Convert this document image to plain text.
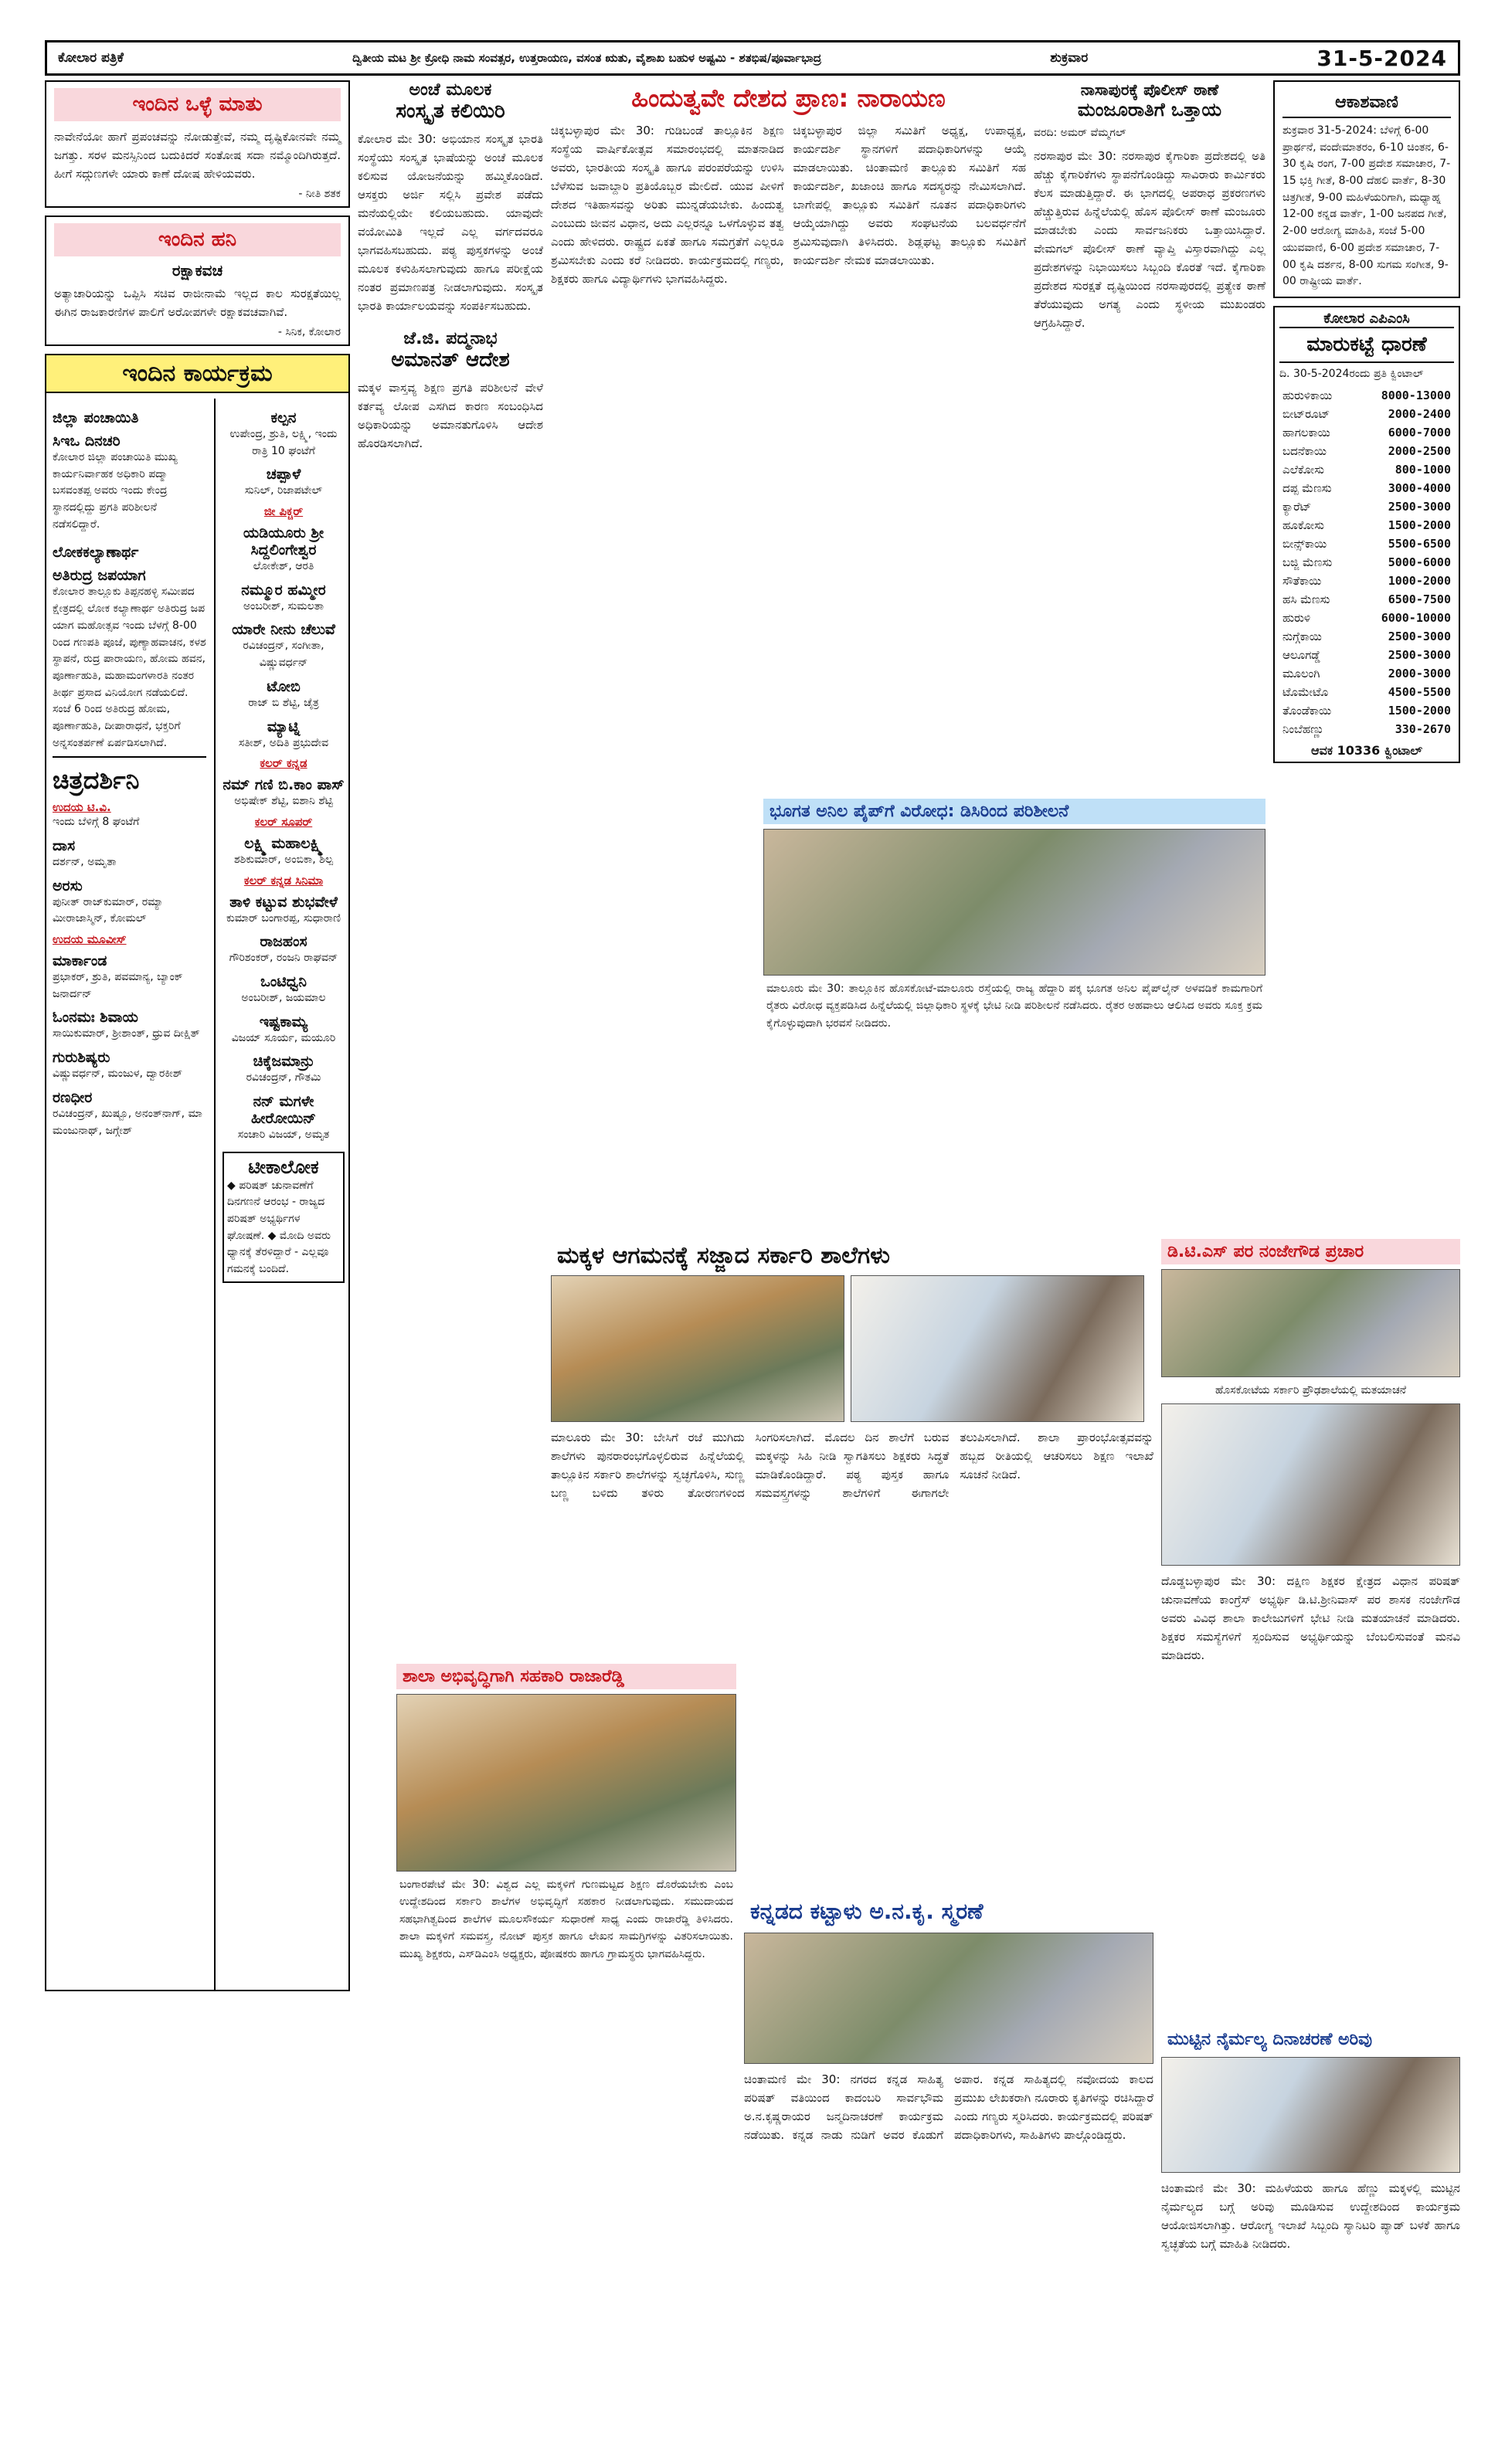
ಕೋಲಾರ ಪತ್ರಿಕೆ	ದ್ವಿತೀಯ ಮಟ ಶ್ರೀ ಕ್ರೋಧಿ ನಾಮ ಸಂವತ್ಸರ, ಉತ್ತರಾಯಣ, ವಸಂತ ಋತು, ವೈಶಾಖ ಬಹುಳ ಅಷ್ಟಮಿ - ಶತಭಿಷ/ಪೂರ್ವಾಭಾದ್ರ	ಶುಕ್ರವಾರ	31-5-2024
ಇಂದಿನ ಒಳ್ಳೆ ಮಾತು
ನಾವೇನೆಯೋ ಹಾಗೆ ಪ್ರಪಂಚವನ್ನು ನೋಡುತ್ತೇವೆ, ನಮ್ಮ ದೃಷ್ಟಿಕೋನವೇ ನಮ್ಮ ಜಗತ್ತು. ಸರಳ ಮನಸ್ಸಿನಿಂದ ಬದುಕಿದರೆ ಸಂತೋಷ ಸದಾ ನಮ್ಮೊಂದಿಗಿರುತ್ತದೆ. ಹೀಗೆ ಸದ್ಗುಣಗಳೇ ಯಾರು ಕಾಣೆ ದೋಷ ಹೇಳಿಯವರು.
- ನೀತಿ ಶತಕ
ಇಂದಿನ ಹನಿ
ರಕ್ಷಾಕವಚ
ಅತ್ಯಾಚಾರಿಯನ್ನು ಒಪ್ಪಿಸಿ ಸಚಿವ ರಾಜೀನಾಮೆ ಇಲ್ಲದ ಕಾಲ ಸುರಕ್ಷತೆಯಿಲ್ಲ ಈಗಿನ ರಾಜಕಾರಣಿಗಳ ಪಾಲಿಗೆ ಅರೋಪಗಳೇ ರಕ್ಷಾಕವಚವಾಗಿವೆ.
- ಸಿನಿಕ, ಕೋಲಾರ
ಇಂದಿನ ಕಾರ್ಯಕ್ರಮ
ಜಿಲ್ಲಾ ಪಂಚಾಯಿತಿ
ಸಿಇಒ ದಿನಚರಿ
ಕೋಲಾರ ಜಿಲ್ಲಾ ಪಂಚಾಯಿತಿ ಮುಖ್ಯ ಕಾರ್ಯನಿರ್ವಾಹಕ ಅಧಿಕಾರಿ ಪದ್ಮಾ ಬಸವಂತಪ್ಪ ಅವರು ಇಂದು ಕೇಂದ್ರ ಸ್ಥಾನದಲ್ಲಿದ್ದು ಪ್ರಗತಿ ಪರಿಶೀಲನೆ ನಡೆಸಲಿದ್ದಾರೆ.
ಲೋಕಕಲ್ಯಾಣಾರ್ಥ
ಅತಿರುದ್ರ ಜಪಯಾಗ
ಕೋಲಾರ ತಾಲ್ಲೂಕು ತಿಪ್ಪನಹಳ್ಳಿ ಸಮೀಪದ ಕ್ಷೇತ್ರದಲ್ಲಿ ಲೋಕ ಕಲ್ಯಾಣಾರ್ಥ ಅತಿರುದ್ರ ಜಪ ಯಾಗ ಮಹೋತ್ಸವ ಇಂದು ಬೆಳಗ್ಗೆ 8-00 ರಿಂದ ಗಣಪತಿ ಪೂಜೆ, ಪುಣ್ಯಾಹವಾಚನ, ಕಳಶ ಸ್ಥಾಪನೆ, ರುದ್ರ ಪಾರಾಯಣ, ಹೋಮ ಹವನ, ಪೂರ್ಣಾಹುತಿ, ಮಹಾಮಂಗಳಾರತಿ ನಂತರ ತೀರ್ಥ ಪ್ರಸಾದ ವಿನಿಯೋಗ ನಡೆಯಲಿದೆ. ಸಂಜೆ 6 ರಿಂದ ಅತಿರುದ್ರ ಹೋಮ, ಪೂರ್ಣಾಹುತಿ, ದೀಪಾರಾಧನೆ, ಭಕ್ತರಿಗೆ ಅನ್ನಸಂತರ್ಪಣೆ ಏರ್ಪಡಿಸಲಾಗಿದೆ.
ಚಿತ್ರದರ್ಶಿನಿ
ಉದಯ ಟಿ.ವಿ.
ಇಂದು ಬೆಳಿಗ್ಗೆ 8 ಘಂಟೆಗೆ
ದಾಸ
ದರ್ಶನ್, ಅಮೃತಾ
ಅರಸು
ಪುನೀತ್ ರಾಜ್‌ಕುಮಾರ್, ರಮ್ಯಾ ಮೀರಾಜಾಸ್ಮಿನ್, ಕೋಮಲ್
ಉದಯ ಮೂವೀಸ್
ಮಾರ್ಕಾಂಡ
ಪ್ರಭಾಕರ್, ಶ್ರುತಿ, ಪವಮಾನ್ಯ, ಬ್ಯಾಂಕ್ ಜನಾರ್ದನ್
ಓಂನಮಃ ಶಿವಾಯ
ಸಾಯಿಕುಮಾರ್, ಶ್ರೀಶಾಂತ್, ಧ್ರುವ ದೀಕ್ಷಿತ್
ಗುರುಶಿಷ್ಯರು
ವಿಷ್ಣುವರ್ಧನ್, ಮಂಜುಳ, ದ್ವಾರಕೀಶ್
ರಣಧೀರ
ರವಿಚಂದ್ರನ್, ಖುಷ್ಬೂ, ಅನಂತ್‌ನಾಗ್, ಮಾ ಮಂಜುನಾಥ್, ಜಗ್ಗೇಶ್
ಕಲ್ಪನ
ಉಪೇಂದ್ರ, ಶ್ರುತಿ, ಲಕ್ಷ್ಮಿ, ಇಂದು ರಾತ್ರಿ 10 ಘಂಟೆಗೆ
ಚಪ್ಪಾಳೆ
ಸುನಿಲ್, ರಿಜಾಪಟೇಲ್
ಜೀ ಪಿಕ್ಚರ್
ಯಡಿಯೂರು ಶ್ರೀ ಸಿದ್ದಲಿಂಗೇಶ್ವರ
ಲೋಕೇಶ್, ಆರತಿ
ನಮ್ಮೂರ ಹಮ್ಮೀರ
ಅಂಬರೀಶ್, ಸುಮಲತಾ
ಯಾರೇ ನೀನು ಚೆಲುವೆ
ರವಿಚಂದ್ರನ್, ಸಂಗೀತಾ, ವಿಷ್ಣುವರ್ಧನ್
ಟೋಬಿ
ರಾಜ್ ಬಿ ಶೆಟ್ಟಿ, ಚೈತ್ರ
ಮ್ಯಾಟ್ನಿ
ಸತೀಶ್, ಅದಿತಿ ಪ್ರಭುದೇವ
ಕಲರ್ ಕನ್ನಡ
ನಮ್ ಗಣಿ ಬಿ.ಕಾಂ ಪಾಸ್
ಅಭಿಷೇಕ್ ಶೆಟ್ಟಿ, ಐಶಾನಿ ಶೆಟ್ಟಿ
ಕಲರ್ ಸೂಪರ್
ಲಕ್ಷ್ಮಿ ಮಹಾಲಕ್ಷ್ಮಿ
ಶಶಿಕುಮಾರ್, ಅಂಬಿಕಾ, ಶಿಲ್ಪ
ಕಲರ್ ಕನ್ನಡ ಸಿನಿಮಾ
ತಾಳಿ ಕಟ್ಟುವ ಶುಭವೇಳೆ
ಕುಮಾರ್ ಬಂಗಾರಪ್ಪ, ಸುಧಾರಾಣಿ
ರಾಜಹಂಸ
ಗೌರಿಶಂಕರ್, ರಂಜನಿ ರಾಘವನ್
ಒಂಟಿಧ್ವನಿ
ಅಂಬರೀಶ್, ಜಯಮಾಲ
ಇಷ್ಟಕಾಮ್ಯ
ವಿಜಯ್ ಸೂರ್ಯ, ಮಯೂರಿ
ಚಿಕ್ಕೆಜಮಾನ್ರು
ರವಿಚಂದ್ರನ್, ಗೌತಮಿ
ನನ್ ಮಗಳೇ ಹೀರೋಯಿನ್
ಸಂಚಾರಿ ವಿಜಯ್, ಅಮೃತ
ಟೀಕಾಲೋಕ
◆ ಪರಿಷತ್ ಚುನಾವಣೆಗೆ ದಿನಗಣನೆ ಆರಂಭ - ರಾಜ್ಯದ ಪರಿಷತ್ ಅಭ್ಯರ್ಥಿಗಳ ಘೋಷಣೆ. ◆ ಮೋದಿ ಅವರು ಧ್ಯಾನಕ್ಕೆ ತೆರಳಿದ್ದಾರೆ - ಎಲ್ಲವೂ ಗಮನಕ್ಕೆ ಬಂದಿದೆ.
ಅಂಚೆ ಮೂಲಕ
ಸಂಸ್ಕೃತ ಕಲಿಯಿರಿ
ಕೋಲಾರ ಮೇ 30: ಅಭಿಯಾನ ಸಂಸ್ಕೃತ ಭಾರತಿ ಸಂಸ್ಥೆಯು ಸಂಸ್ಕೃತ ಭಾಷೆಯನ್ನು ಅಂಚೆ ಮೂಲಕ ಕಲಿಸುವ ಯೋಜನೆಯನ್ನು ಹಮ್ಮಿಕೊಂಡಿದೆ. ಆಸಕ್ತರು ಅರ್ಜಿ ಸಲ್ಲಿಸಿ ಪ್ರವೇಶ ಪಡೆದು ಮನೆಯಲ್ಲಿಯೇ ಕಲಿಯಬಹುದು. ಯಾವುದೇ ವಯೋಮಿತಿ ಇಲ್ಲದೆ ಎಲ್ಲ ವರ್ಗದವರೂ ಭಾಗವಹಿಸಬಹುದು. ಪಠ್ಯ ಪುಸ್ತಕಗಳನ್ನು ಅಂಚೆ ಮೂಲಕ ಕಳುಹಿಸಲಾಗುವುದು ಹಾಗೂ ಪರೀಕ್ಷೆಯ ನಂತರ ಪ್ರಮಾಣಪತ್ರ ನೀಡಲಾಗುವುದು. ಸಂಸ್ಕೃತ ಭಾರತಿ ಕಾರ್ಯಾಲಯವನ್ನು ಸಂಪರ್ಕಿಸಬಹುದು.
ಜೆ.ಜಿ. ಪದ್ಮನಾಭ
ಅಮಾನತ್ ಆದೇಶ
ಮಕ್ಕಳ ವಾಸ್ತವ್ಯ ಶಿಕ್ಷಣ ಪ್ರಗತಿ ಪರಿಶೀಲನೆ ವೇಳೆ ಕರ್ತವ್ಯ ಲೋಪ ಎಸಗಿದ ಕಾರಣ ಸಂಬಂಧಿಸಿದ ಅಧಿಕಾರಿಯನ್ನು ಅಮಾನತುಗೊಳಿಸಿ ಆದೇಶ ಹೊರಡಿಸಲಾಗಿದೆ.
ಹಿಂದುತ್ವವೇ ದೇಶದ ಪ್ರಾಣ: ನಾರಾಯಣ
ಚಿಕ್ಕಬಳ್ಳಾಪುರ ಮೇ 30: ಗುಡಿಬಂಡೆ ತಾಲ್ಲೂಕಿನ ಶಿಕ್ಷಣ ಸಂಸ್ಥೆಯ ವಾರ್ಷಿಕೋತ್ಸವ ಸಮಾರಂಭದಲ್ಲಿ ಮಾತನಾಡಿದ ಅವರು, ಭಾರತೀಯ ಸಂಸ್ಕೃತಿ ಹಾಗೂ ಪರಂಪರೆಯನ್ನು ಉಳಿಸಿ ಬೆಳೆಸುವ ಜವಾಬ್ದಾರಿ ಪ್ರತಿಯೊಬ್ಬರ ಮೇಲಿದೆ. ಯುವ ಪೀಳಿಗೆ ದೇಶದ ಇತಿಹಾಸವನ್ನು ಅರಿತು ಮುನ್ನಡೆಯಬೇಕು. ಹಿಂದುತ್ವ ಎಂಬುದು ಜೀವನ ವಿಧಾನ, ಅದು ಎಲ್ಲರನ್ನೂ ಒಳಗೊಳ್ಳುವ ತತ್ವ ಎಂದು ಹೇಳಿದರು. ರಾಷ್ಟ್ರದ ಏಕತೆ ಹಾಗೂ ಸಮಗ್ರತೆಗೆ ಎಲ್ಲರೂ ಶ್ರಮಿಸಬೇಕು ಎಂದು ಕರೆ ನೀಡಿದರು. ಕಾರ್ಯಕ್ರಮದಲ್ಲಿ ಗಣ್ಯರು, ಶಿಕ್ಷಕರು ಹಾಗೂ ವಿದ್ಯಾರ್ಥಿಗಳು ಭಾಗವಹಿಸಿದ್ದರು.
ಚಿಕ್ಕಬಳ್ಳಾಪುರ ಜಿಲ್ಲಾ ಸಮಿತಿಗೆ ಅಧ್ಯಕ್ಷ, ಉಪಾಧ್ಯಕ್ಷ, ಕಾರ್ಯದರ್ಶಿ ಸ್ಥಾನಗಳಿಗೆ ಪದಾಧಿಕಾರಿಗಳನ್ನು ಆಯ್ಕೆ ಮಾಡಲಾಯಿತು. ಚಿಂತಾಮಣಿ ತಾಲ್ಲೂಕು ಸಮಿತಿಗೆ ಸಹ ಕಾರ್ಯದರ್ಶಿ, ಖಜಾಂಚಿ ಹಾಗೂ ಸದಸ್ಯರನ್ನು ನೇಮಿಸಲಾಗಿದೆ. ಬಾಗೇಪಲ್ಲಿ ತಾಲ್ಲೂಕು ಸಮಿತಿಗೆ ನೂತನ ಪದಾಧಿಕಾರಿಗಳು ಆಯ್ಕೆಯಾಗಿದ್ದು ಅವರು ಸಂಘಟನೆಯ ಬಲವರ್ಧನೆಗೆ ಶ್ರಮಿಸುವುದಾಗಿ ತಿಳಿಸಿದರು. ಶಿಡ್ಲಘಟ್ಟ ತಾಲ್ಲೂಕು ಸಮಿತಿಗೆ ಕಾರ್ಯದರ್ಶಿ ನೇಮಕ ಮಾಡಲಾಯಿತು.
ನಾಸಾಪುರಕ್ಕೆ ಪೊಲೀಸ್ ಠಾಣೆ
ಮಂಜೂರಾತಿಗೆ ಒತ್ತಾಯ
ವರದಿ: ಅಮರ್ ವೆಮ್ಮಗಲ್
ನರಸಾಪುರ ಮೇ 30: ನರಸಾಪುರ ಕೈಗಾರಿಕಾ ಪ್ರದೇಶದಲ್ಲಿ ಅತಿ ಹೆಚ್ಚು ಕೈಗಾರಿಕೆಗಳು ಸ್ಥಾಪನೆಗೊಂಡಿದ್ದು ಸಾವಿರಾರು ಕಾರ್ಮಿಕರು ಕೆಲಸ ಮಾಡುತ್ತಿದ್ದಾರೆ. ಈ ಭಾಗದಲ್ಲಿ ಅಪರಾಧ ಪ್ರಕರಣಗಳು ಹೆಚ್ಚುತ್ತಿರುವ ಹಿನ್ನೆಲೆಯಲ್ಲಿ ಹೊಸ ಪೊಲೀಸ್ ಠಾಣೆ ಮಂಜೂರು ಮಾಡಬೇಕು ಎಂದು ಸಾರ್ವಜನಿಕರು ಒತ್ತಾಯಿಸಿದ್ದಾರೆ. ವೇಮಗಲ್ ಪೊಲೀಸ್ ಠಾಣೆ ವ್ಯಾಪ್ತಿ ವಿಸ್ತಾರವಾಗಿದ್ದು ಎಲ್ಲ ಪ್ರದೇಶಗಳನ್ನು ನಿಭಾಯಿಸಲು ಸಿಬ್ಬಂದಿ ಕೊರತೆ ಇದೆ. ಕೈಗಾರಿಕಾ ಪ್ರದೇಶದ ಸುರಕ್ಷತೆ ದೃಷ್ಟಿಯಿಂದ ನರಸಾಪುರದಲ್ಲಿ ಪ್ರತ್ಯೇಕ ಠಾಣೆ ತೆರೆಯುವುದು ಅಗತ್ಯ ಎಂದು ಸ್ಥಳೀಯ ಮುಖಂಡರು ಆಗ್ರಹಿಸಿದ್ದಾರೆ.
ಆಕಾಶವಾಣಿ
ಶುಕ್ರವಾರ 31-5-2024: ಬೆಳಿಗ್ಗೆ 6-00 ಪ್ರಾರ್ಥನೆ, ವಂದೇಮಾತರಂ, 6-10 ಚಿಂತನ, 6-30 ಕೃಷಿ ರಂಗ, 7-00 ಪ್ರದೇಶ ಸಮಾಚಾರ, 7-15 ಭಕ್ತಿ ಗೀತೆ, 8-00 ದೆಹಲಿ ವಾರ್ತೆ, 8-30 ಚಿತ್ರಗೀತೆ, 9-00 ಮಹಿಳೆಯರಿಗಾಗಿ, ಮಧ್ಯಾಹ್ನ 12-00 ಕನ್ನಡ ವಾರ್ತೆ, 1-00 ಜನಪದ ಗೀತೆ, 2-00 ಆರೋಗ್ಯ ಮಾಹಿತಿ, ಸಂಜೆ 5-00 ಯುವವಾಣಿ, 6-00 ಪ್ರದೇಶ ಸಮಾಚಾರ, 7-00 ಕೃಷಿ ದರ್ಶನ, 8-00 ಸುಗಮ ಸಂಗೀತ, 9-00 ರಾಷ್ಟ್ರೀಯ ವಾರ್ತೆ.
ಕೋಲಾರ ಎಪಿಎಂಸಿ
ಮಾರುಕಟ್ಟೆ ಧಾರಣೆ
ದಿ. 30-5-2024ರಂದು ಪ್ರತಿ ಕ್ವಿಂಟಾಲ್
ಹುರುಳಿಕಾಯಿ	8000-13000
ಬೀಟ್‌ರೂಟ್	2000-2400
ಹಾಗಲಕಾಯಿ	6000-7000
ಬದನೆಕಾಯಿ	2000-2500
ಎಲೆಕೋಸು	800-1000
ದಪ್ಪ ಮೆಣಸು	3000-4000
ಕ್ಯಾರೆಟ್	2500-3000
ಹೂಕೋಸು	1500-2000
ಬೀನ್ಸ್‌ಕಾಯಿ	5500-6500
ಬಜ್ಜಿ ಮೆಣಸು	5000-6000
ಸೌತೆಕಾಯಿ	1000-2000
ಹಸಿ ಮೆಣಸು	6500-7500
ಹುರುಳಿ	6000-10000
ನುಗ್ಗೆಕಾಯಿ	2500-3000
ಆಲೂಗಡ್ಡೆ	2500-3000
ಮೂಲಂಗಿ	2000-3000
ಟೊಮೇಟೊ	4500-5500
ತೊಂಡೆಕಾಯಿ	1500-2000
ನಿಂಬೆಹಣ್ಣು	330-2670
ಆವಕ 10336 ಕ್ವಿಂಟಾಲ್
ಭೂಗತ ಅನಿಲ ಪೈಪ್‌ಗೆ ವಿರೋಧ: ಡಿಸಿರಿಂದ ಪರಿಶೀಲನೆ
ಮಾಲೂರು ಮೇ 30: ತಾಲ್ಲೂಕಿನ ಹೊಸಕೋಟೆ-ಮಾಲೂರು ರಸ್ತೆಯಲ್ಲಿ ರಾಜ್ಯ ಹೆದ್ದಾರಿ ಪಕ್ಕ ಭೂಗತ ಅನಿಲ ಪೈಪ್‌ಲೈನ್ ಅಳವಡಿಕೆ ಕಾಮಗಾರಿಗೆ ರೈತರು ವಿರೋಧ ವ್ಯಕ್ತಪಡಿಸಿದ ಹಿನ್ನೆಲೆಯಲ್ಲಿ ಜಿಲ್ಲಾಧಿಕಾರಿ ಸ್ಥಳಕ್ಕೆ ಭೇಟಿ ನೀಡಿ ಪರಿಶೀಲನೆ ನಡೆಸಿದರು. ರೈತರ ಅಹವಾಲು ಆಲಿಸಿದ ಅವರು ಸೂಕ್ತ ಕ್ರಮ ಕೈಗೊಳ್ಳುವುದಾಗಿ ಭರವಸೆ ನೀಡಿದರು.
ಮಕ್ಕಳ ಆಗಮನಕ್ಕೆ ಸಜ್ಜಾದ ಸರ್ಕಾರಿ ಶಾಲೆಗಳು
ಮಾಲೂರು ಮೇ 30: ಬೇಸಿಗೆ ರಜೆ ಮುಗಿದು ಶಾಲೆಗಳು ಪುನರಾರಂಭಗೊಳ್ಳಲಿರುವ ಹಿನ್ನೆಲೆಯಲ್ಲಿ ತಾಲ್ಲೂಕಿನ ಸರ್ಕಾರಿ ಶಾಲೆಗಳನ್ನು ಸ್ವಚ್ಛಗೊಳಿಸಿ, ಸುಣ್ಣ ಬಣ್ಣ ಬಳಿದು ತಳಿರು ತೋರಣಗಳಿಂದ ಸಿಂಗರಿಸಲಾಗಿದೆ. ಮೊದಲ ದಿನ ಶಾಲೆಗೆ ಬರುವ ಮಕ್ಕಳನ್ನು ಸಿಹಿ ನೀಡಿ ಸ್ವಾಗತಿಸಲು ಶಿಕ್ಷಕರು ಸಿದ್ಧತೆ ಮಾಡಿಕೊಂಡಿದ್ದಾರೆ. ಪಠ್ಯ ಪುಸ್ತಕ ಹಾಗೂ ಸಮವಸ್ತ್ರಗಳನ್ನು ಶಾಲೆಗಳಿಗೆ ಈಗಾಗಲೇ ತಲುಪಿಸಲಾಗಿದೆ. ಶಾಲಾ ಪ್ರಾರಂಭೋತ್ಸವವನ್ನು ಹಬ್ಬದ ರೀತಿಯಲ್ಲಿ ಆಚರಿಸಲು ಶಿಕ್ಷಣ ಇಲಾಖೆ ಸೂಚನೆ ನೀಡಿದೆ.
ಡಿ.ಟಿ.ಎಸ್ ಪರ ನಂಜೇಗೌಡ ಪ್ರಚಾರ
ಹೊಸಕೋಟೆಯ ಸರ್ಕಾರಿ ಪ್ರೌಢಶಾಲೆಯಲ್ಲಿ ಮತಯಾಚನೆ
ದೊಡ್ಡಬಳ್ಳಾಪುರ ಮೇ 30: ದಕ್ಷಿಣ ಶಿಕ್ಷಕರ ಕ್ಷೇತ್ರದ ವಿಧಾನ ಪರಿಷತ್ ಚುನಾವಣೆಯ ಕಾಂಗ್ರೆಸ್ ಅಭ್ಯರ್ಥಿ ಡಿ.ಟಿ.ಶ್ರೀನಿವಾಸ್ ಪರ ಶಾಸಕ ನಂಜೇಗೌಡ ಅವರು ವಿವಿಧ ಶಾಲಾ ಕಾಲೇಜುಗಳಿಗೆ ಭೇಟಿ ನೀಡಿ ಮತಯಾಚನೆ ಮಾಡಿದರು. ಶಿಕ್ಷಕರ ಸಮಸ್ಯೆಗಳಿಗೆ ಸ್ಪಂದಿಸುವ ಅಭ್ಯರ್ಥಿಯನ್ನು ಬೆಂಬಲಿಸುವಂತೆ ಮನವಿ ಮಾಡಿದರು.
ಶಾಲಾ ಅಭಿವೃದ್ಧಿಗಾಗಿ ಸಹಕಾರಿ ರಾಜಾರೆಡ್ಡಿ
ಬಂಗಾರಪೇಟೆ ಮೇ 30: ವಿಶ್ವದ ಎಲ್ಲ ಮಕ್ಕಳಿಗೆ ಗುಣಮಟ್ಟದ ಶಿಕ್ಷಣ ದೊರೆಯಬೇಕು ಎಂಬ ಉದ್ದೇಶದಿಂದ ಸರ್ಕಾರಿ ಶಾಲೆಗಳ ಅಭಿವೃದ್ಧಿಗೆ ಸಹಕಾರ ನೀಡಲಾಗುವುದು. ಸಮುದಾಯದ ಸಹಭಾಗಿತ್ವದಿಂದ ಶಾಲೆಗಳ ಮೂಲಸೌಕರ್ಯ ಸುಧಾರಣೆ ಸಾಧ್ಯ ಎಂದು ರಾಜಾರೆಡ್ಡಿ ತಿಳಿಸಿದರು. ಶಾಲಾ ಮಕ್ಕಳಿಗೆ ಸಮವಸ್ತ್ರ, ನೋಟ್ ಪುಸ್ತಕ ಹಾಗೂ ಲೇಖನ ಸಾಮಗ್ರಿಗಳನ್ನು ವಿತರಿಸಲಾಯಿತು. ಮುಖ್ಯ ಶಿಕ್ಷಕರು, ಎಸ್‌ಡಿಎಂಸಿ ಅಧ್ಯಕ್ಷರು, ಪೋಷಕರು ಹಾಗೂ ಗ್ರಾಮಸ್ಥರು ಭಾಗವಹಿಸಿದ್ದರು.
ಕನ್ನಡದ ಕಟ್ಟಾಳು ಅ.ನ.ಕೃ. ಸ್ಮರಣೆ
ಚಿಂತಾಮಣಿ ಮೇ 30: ನಗರದ ಕನ್ನಡ ಸಾಹಿತ್ಯ ಪರಿಷತ್ ವತಿಯಿಂದ ಕಾದಂಬರಿ ಸಾರ್ವಭೌಮ ಅ.ನ.ಕೃಷ್ಣರಾಯರ ಜನ್ಮದಿನಾಚರಣೆ ಕಾರ್ಯಕ್ರಮ ನಡೆಯಿತು. ಕನ್ನಡ ನಾಡು ನುಡಿಗೆ ಅವರ ಕೊಡುಗೆ ಅಪಾರ. ಕನ್ನಡ ಸಾಹಿತ್ಯದಲ್ಲಿ ನವೋದಯ ಕಾಲದ ಪ್ರಮುಖ ಲೇಖಕರಾಗಿ ನೂರಾರು ಕೃತಿಗಳನ್ನು ರಚಿಸಿದ್ದಾರೆ ಎಂದು ಗಣ್ಯರು ಸ್ಮರಿಸಿದರು. ಕಾರ್ಯಕ್ರಮದಲ್ಲಿ ಪರಿಷತ್ ಪದಾಧಿಕಾರಿಗಳು, ಸಾಹಿತಿಗಳು ಪಾಲ್ಗೊಂಡಿದ್ದರು.
ಮುಟ್ಟಿನ ನೈರ್ಮಲ್ಯ ದಿನಾಚರಣೆ ಅರಿವು
ಚಿಂತಾಮಣಿ ಮೇ 30: ಮಹಿಳೆಯರು ಹಾಗೂ ಹೆಣ್ಣು ಮಕ್ಕಳಲ್ಲಿ ಮುಟ್ಟಿನ ನೈರ್ಮಲ್ಯದ ಬಗ್ಗೆ ಅರಿವು ಮೂಡಿಸುವ ಉದ್ದೇಶದಿಂದ ಕಾರ್ಯಕ್ರಮ ಆಯೋಜಿಸಲಾಗಿತ್ತು. ಆರೋಗ್ಯ ಇಲಾಖೆ ಸಿಬ್ಬಂದಿ ಸ್ಯಾನಿಟರಿ ಪ್ಯಾಡ್ ಬಳಕೆ ಹಾಗೂ ಸ್ವಚ್ಛತೆಯ ಬಗ್ಗೆ ಮಾಹಿತಿ ನೀಡಿದರು.
